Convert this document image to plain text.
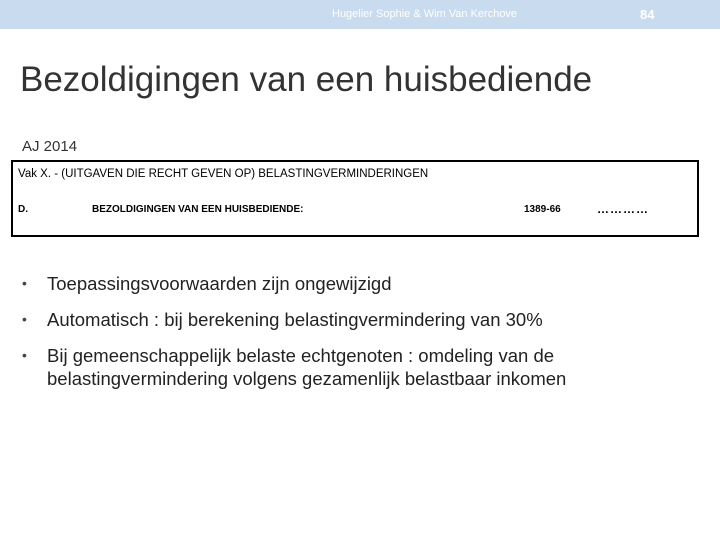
Hugelier Sophie & Wim Van Kerchove	84
Bezoldigingen van een huisbediende
AJ 2014
Vak X. - (UITGAVEN DIE RECHT GEVEN OP) BELASTINGVERMINDERINGEN
D.	BEZOLDIGINGEN VAN EEN HUISBEDIENDE:	1389-66	…………
• Toepassingsvoorwaarden zijn ongewijzigd
• Automatisch : bij berekening belastingvermindering van 30%
• Bij gemeenschappelijk belaste echtgenoten : omdeling van de belastingvermindering volgens gezamenlijk belastbaar inkomen
